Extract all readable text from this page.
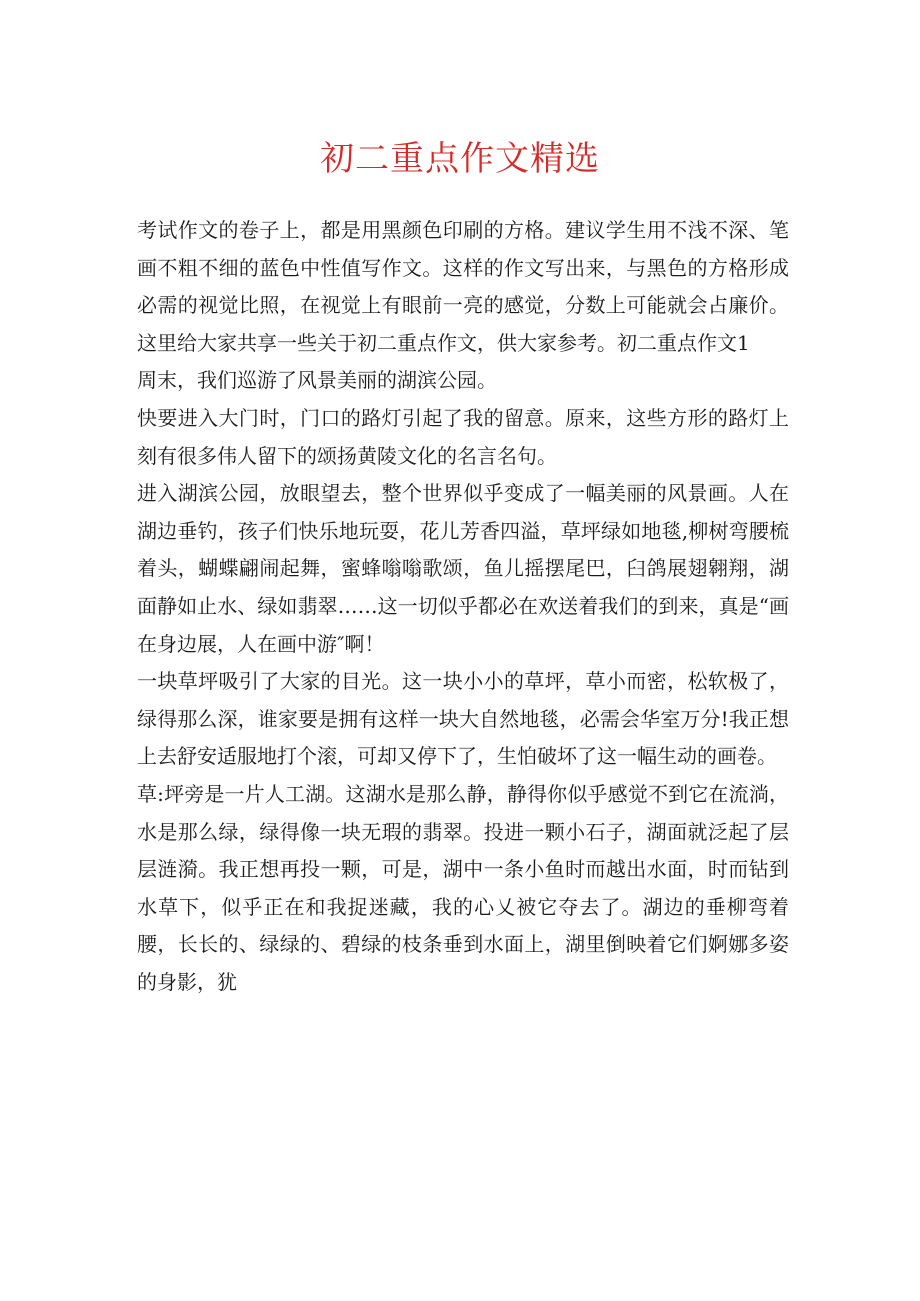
初二重点作文精选

考试作文的卷子上，都是用黑颜色印刷的方格。建议学生用不浅不深、笔画不粗不细的蓝色中性值写作文。这样的作文写出来，与黑色的方格形成必需的视觉比照，在视觉上有眼前一亮的感觉，分数上可能就会占廉价。这里给大家共享一些关于初二重点作文，供大家参考。初二重点作文1

周末，我们巡游了风景美丽的湖滨公园。

快要进入大门时，门口的路灯引起了我的留意。原来，这些方形的路灯上刻有很多伟人留下的颂扬黄陵文化的名言名句。

进入湖滨公园，放眼望去，整个世界似乎变成了一幅美丽的风景画。人在湖边垂钓，孩子们快乐地玩耍，花儿芳香四溢，草坪绿如地毯,柳树弯腰梳着头，蝴蝶翩闹起舞，蜜蜂嗡嗡歌颂，鱼儿摇摆尾巴，臼鸽展翅翱翔，湖面静如止水、绿如翡翠……这一切似乎都必在欢送着我们的到来，真是“画在身边展，人在画中游″啊！

一块草坪吸引了大家的目光。这一块小小的草坪，草小而密，松软极了，绿得那么深，谁家要是拥有这样一块大自然地毯，必需会华室万分!我正想上去舒安适服地打个滚，可却又停下了，生怕破坏了这一幅生动的画卷。

草:坪旁是一片人工湖。这湖水是那么静，静得你似乎感觉不到它在流淌，水是那么绿，绿得像一块无瑕的翡翠。投进一颗小石子，湖面就泛起了层层涟漪。我正想再投一颗，可是，湖中一条小鱼时而越出水面，时而钻到水草下，似乎正在和我捉迷藏，我的心乂被它夺去了。湖边的垂柳弯着腰，长长的、绿绿的、碧绿的枝条垂到水面上，湖里倒映着它们婀娜多姿的身影，犹
